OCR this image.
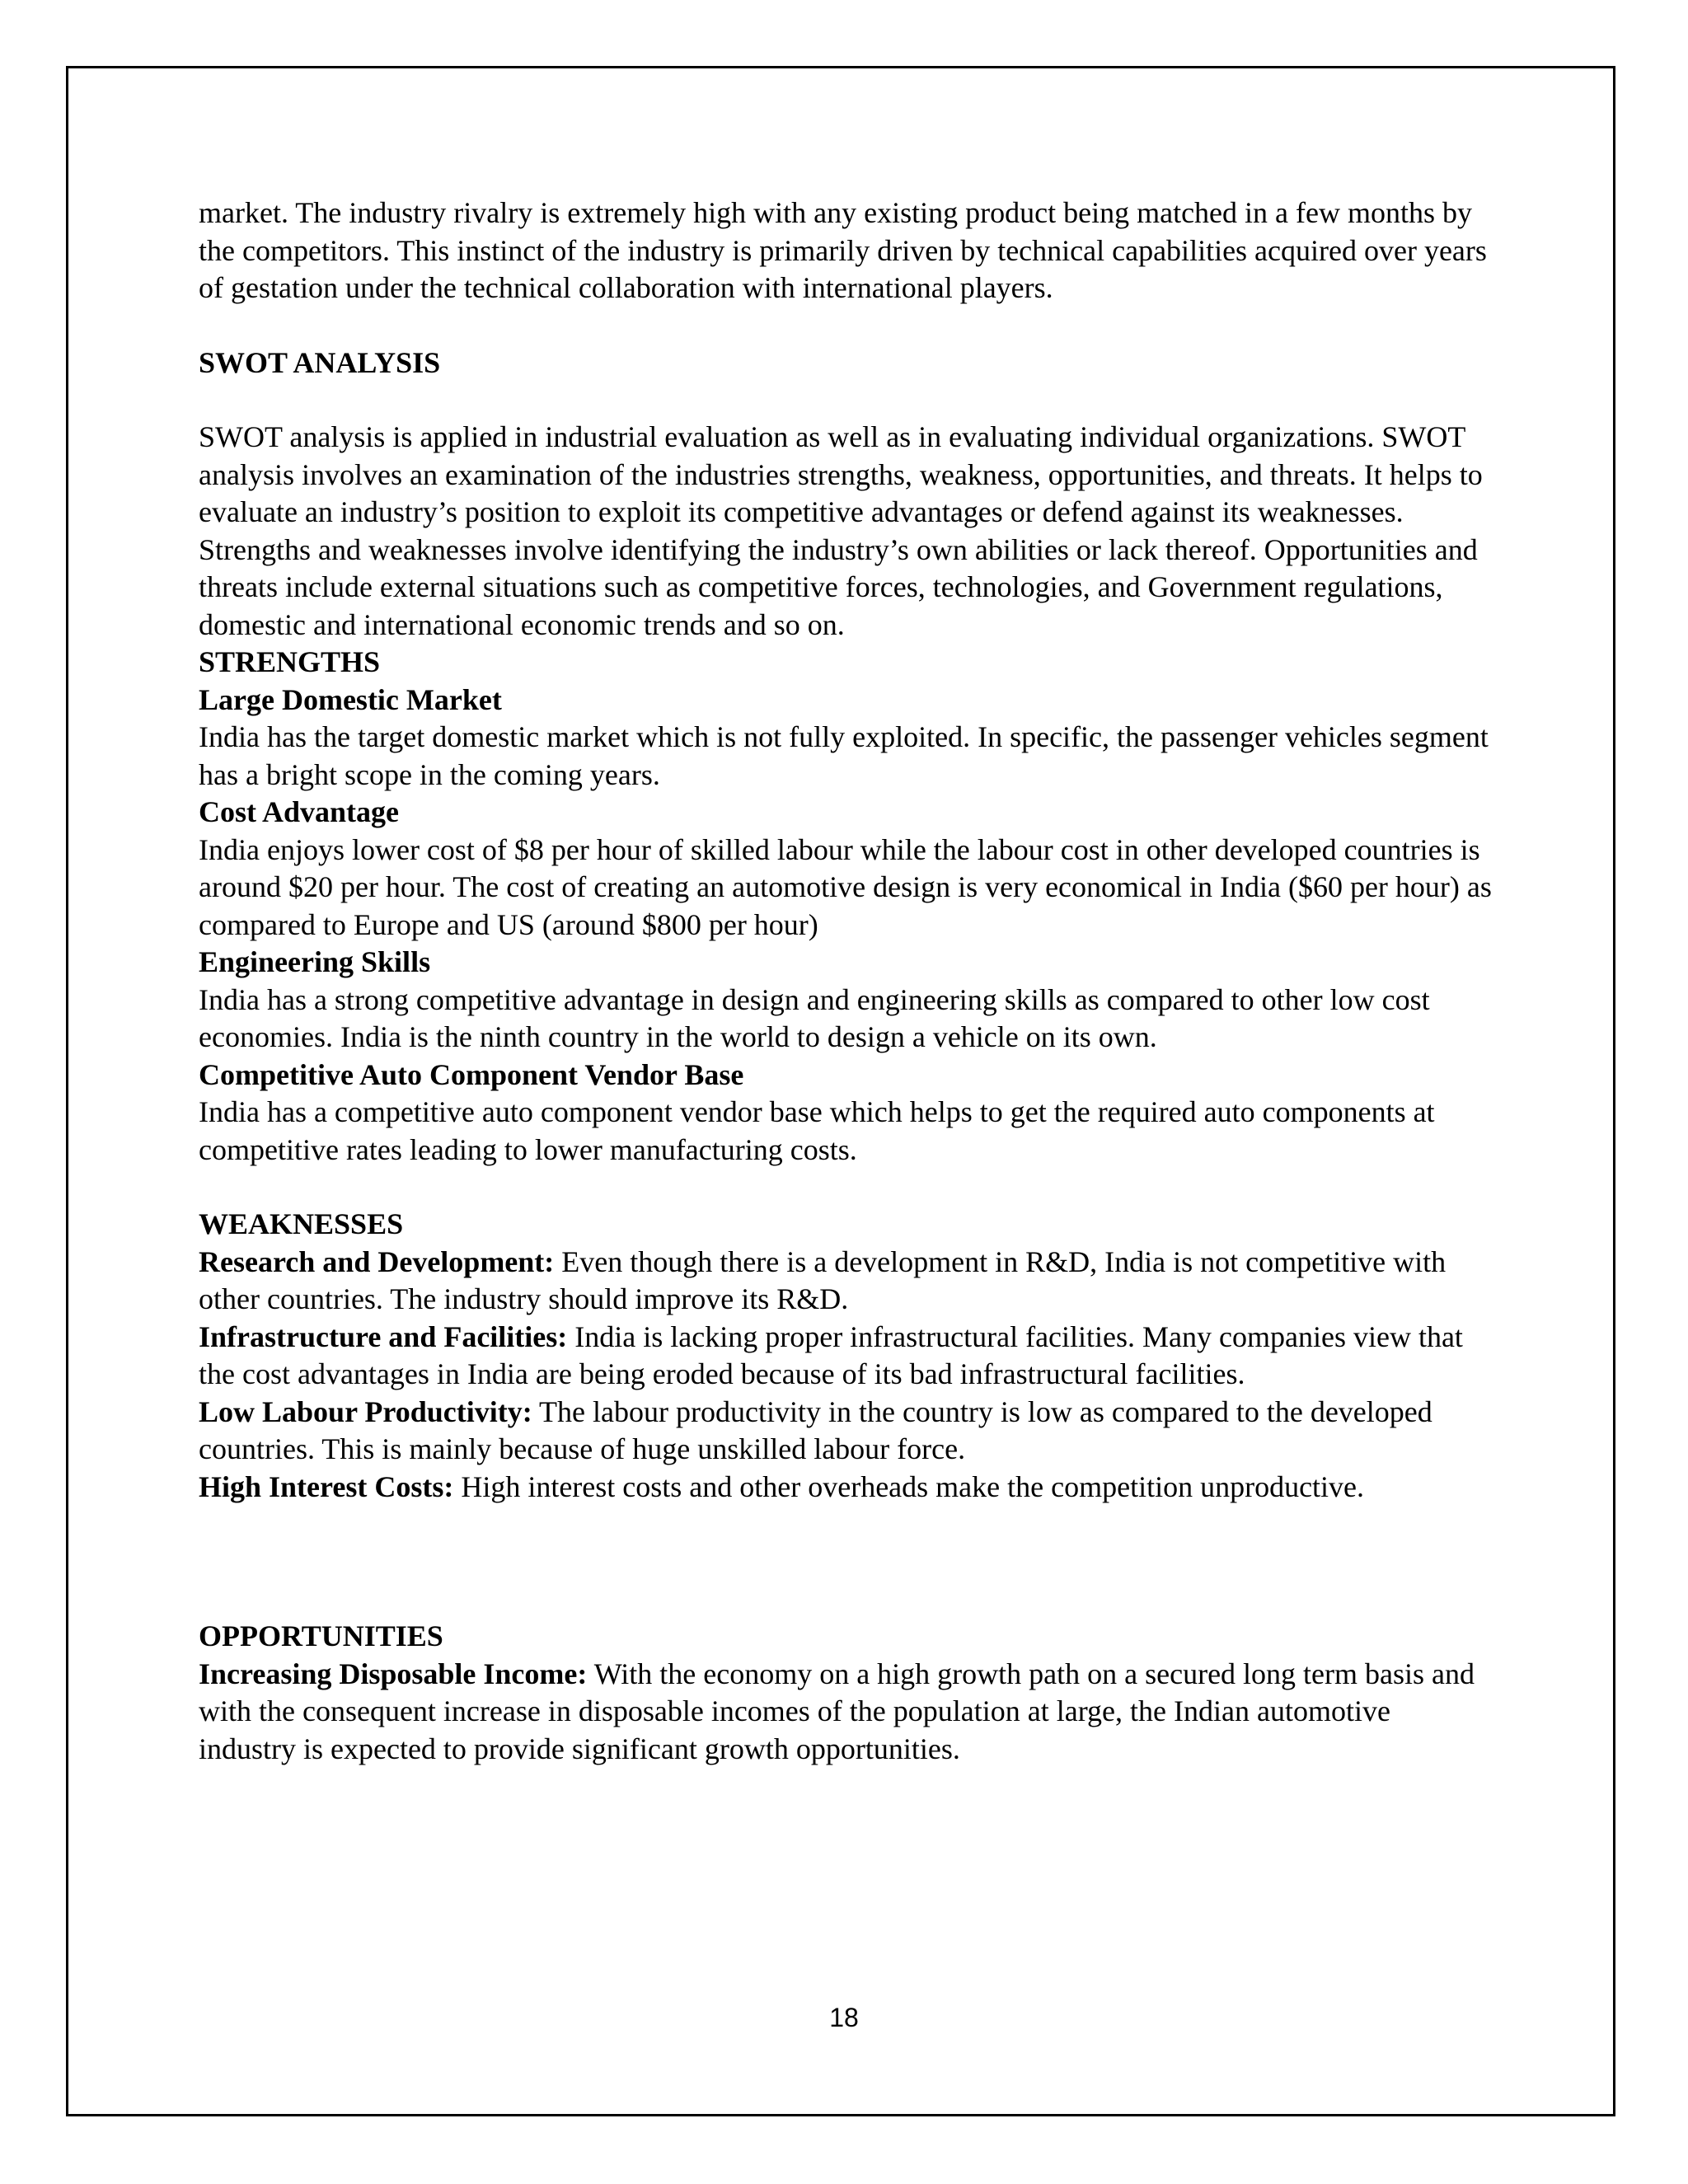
market. The industry rivalry is extremely high with any existing product being matched in a few months by the competitors. This instinct of the industry is primarily driven by technical capabilities acquired over years of gestation under the technical collaboration with international players.

SWOT ANALYSIS

SWOT analysis is applied in industrial evaluation as well as in evaluating individual organizations. SWOT analysis involves an examination of the industries strengths, weakness, opportunities, and threats. It helps to evaluate an industry’s position to exploit its competitive advantages or defend against its weaknesses. Strengths and weaknesses involve identifying the industry’s own abilities or lack thereof. Opportunities and threats include external situations such as competitive forces, technologies, and Government regulations, domestic and international economic trends and so on.

STRENGTHS

Large Domestic Market

India has the target domestic market which is not fully exploited. In specific, the passenger vehicles segment has a bright scope in the coming years.

Cost Advantage

India enjoys lower cost of $8 per hour of skilled labour while the labour cost in other developed countries is around $20 per hour. The cost of creating an automotive design is very economical in India ($60 per hour) as compared to Europe and US (around $800 per hour)

Engineering Skills

India has a strong competitive advantage in design and engineering skills as compared to other low cost economies. India is the ninth country in the world to design a vehicle on its own.

Competitive Auto Component Vendor Base

India has a competitive auto component vendor base which helps to get the required auto components at competitive rates leading to lower manufacturing costs.

WEAKNESSES

Research and Development: Even though there is a development in R&D, India is not competitive with other countries. The industry should improve its R&D.

Infrastructure and Facilities: India is lacking proper infrastructural facilities. Many companies view that the cost advantages in India are being eroded because of its bad infrastructural facilities.

Low Labour Productivity: The labour productivity in the country is low as compared to the developed countries. This is mainly because of huge unskilled labour force.

High Interest Costs: High interest costs and other overheads make the competition unproductive.

OPPORTUNITIES

Increasing Disposable Income: With the economy on a high growth path on a secured long term basis and with the consequent increase in disposable incomes of the population at large, the Indian automotive industry is expected to provide significant growth opportunities.

18
